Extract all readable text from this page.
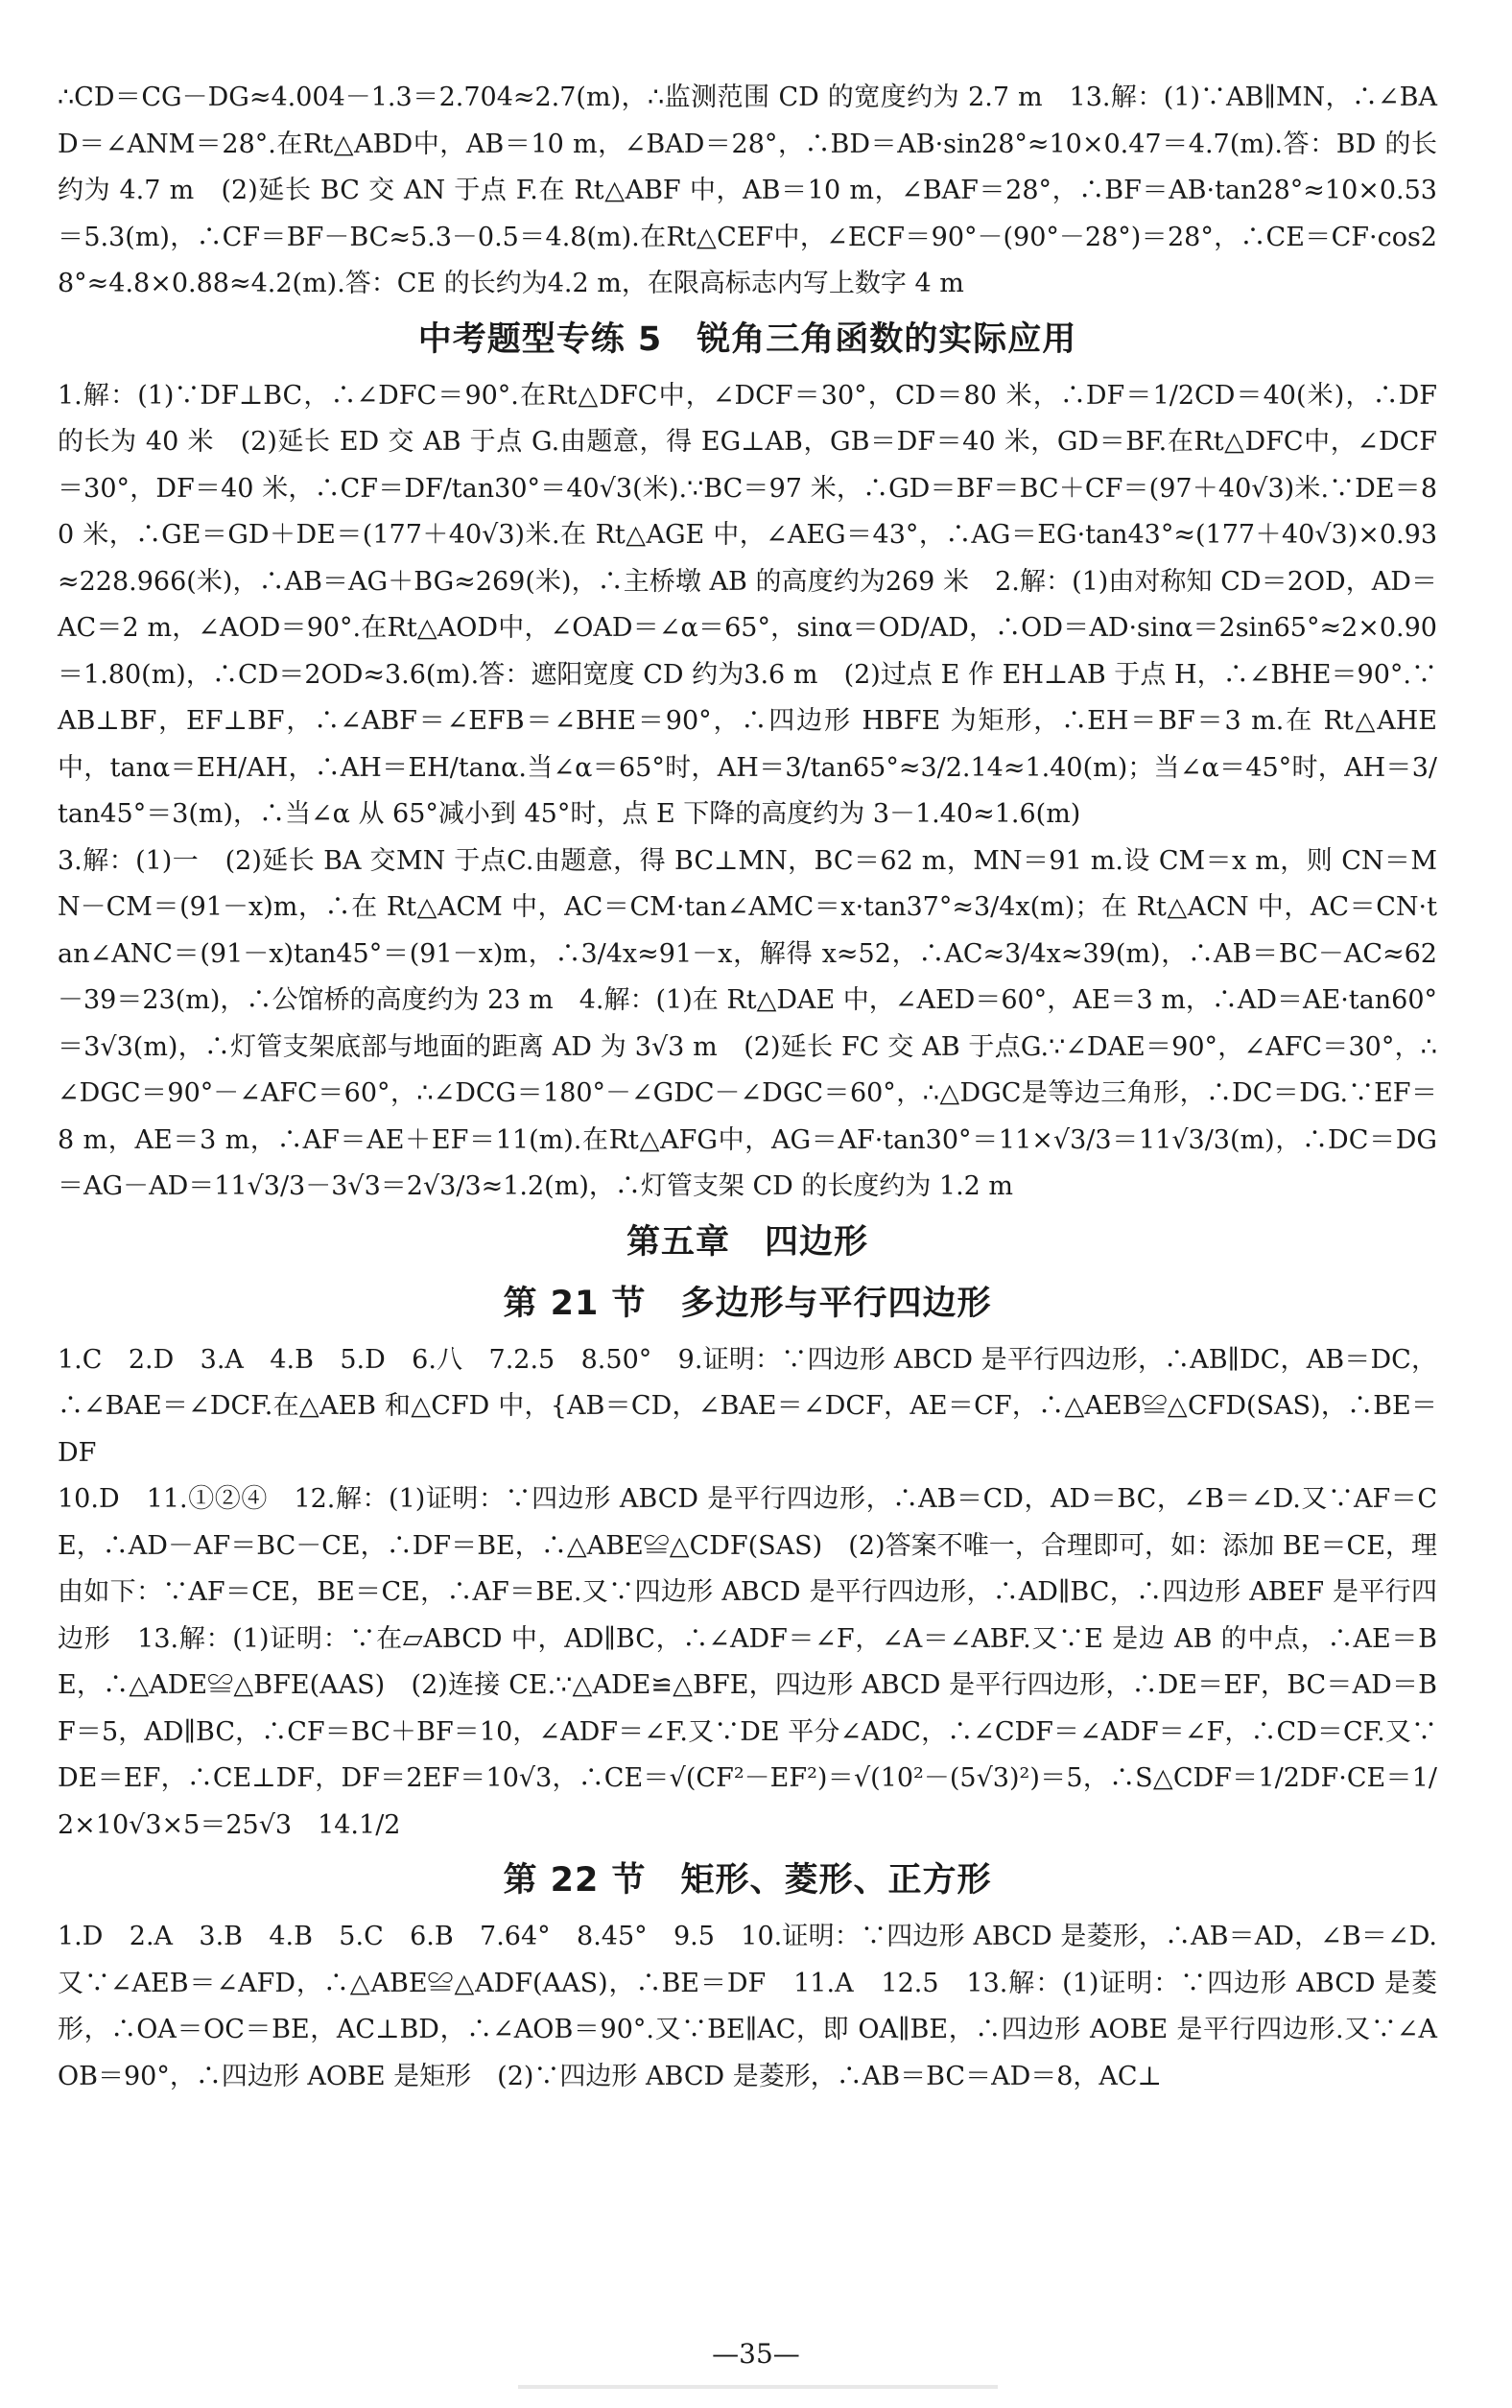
∴CD＝CG－DG≈4.004－1.3＝2.704≈2.7(m)，∴监测范围 CD 的宽度约为 2.7 m　13.解：(1)∵AB∥MN，∴∠BAD＝∠ANM＝28°.在Rt△ABD中，AB＝10 m，∠BAD＝28°，∴BD＝AB·sin28°≈10×0.47＝4.7(m).答：BD 的长约为 4.7 m　(2)延长 BC 交 AN 于点 F.在 Rt△ABF 中，AB＝10 m，∠BAF＝28°，∴BF＝AB·tan28°≈10×0.53＝5.3(m)，∴CF＝BF－BC≈5.3－0.5＝4.8(m).在Rt△CEF中，∠ECF＝90°－(90°－28°)＝28°，∴CE＝CF·cos28°≈4.8×0.88≈4.2(m).答：CE 的长约为4.2 m，在限高标志内写上数字 4 m

中考题型专练 5　锐角三角函数的实际应用

1.解：(1)∵DF⊥BC，∴∠DFC＝90°.在Rt△DFC中，∠DCF＝30°，CD＝80 米，∴DF＝1/2CD＝40(米)，∴DF 的长为 40 米　(2)延长 ED 交 AB 于点 G.由题意，得 EG⊥AB，GB＝DF＝40 米，GD＝BF.在Rt△DFC中，∠DCF＝30°，DF＝40 米，∴CF＝DF/tan30°＝40√3(米).∵BC＝97 米，∴GD＝BF＝BC＋CF＝(97＋40√3)米.∵DE＝80 米，∴GE＝GD＋DE＝(177＋40√3)米.在 Rt△AGE 中，∠AEG＝43°，∴AG＝EG·tan43°≈(177＋40√3)×0.93≈228.966(米)，∴AB＝AG＋BG≈269(米)，∴主桥墩 AB 的高度约为269 米　2.解：(1)由对称知 CD＝2OD，AD＝AC＝2 m，∠AOD＝90°.在Rt△AOD中，∠OAD＝∠α＝65°，sinα＝OD/AD，∴OD＝AD·sinα＝2sin65°≈2×0.90＝1.80(m)，∴CD＝2OD≈3.6(m).答：遮阳宽度 CD 约为3.6 m　(2)过点 E 作 EH⊥AB 于点 H，∴∠BHE＝90°.∵AB⊥BF，EF⊥BF，∴∠ABF＝∠EFB＝∠BHE＝90°，∴四边形 HBFE 为矩形，∴EH＝BF＝3 m.在 Rt△AHE 中，tanα＝EH/AH，∴AH＝EH/tanα.当∠α＝65°时，AH＝3/tan65°≈3/2.14≈1.40(m)；当∠α＝45°时，AH＝3/tan45°＝3(m)，∴当∠α 从 65°减小到 45°时，点 E 下降的高度约为 3－1.40≈1.6(m)

3.解：(1)一　(2)延长 BA 交MN 于点C.由题意，得 BC⊥MN，BC＝62 m，MN＝91 m.设 CM＝x m，则 CN＝MN－CM＝(91－x)m，∴在 Rt△ACM 中，AC＝CM·tan∠AMC＝x·tan37°≈3/4x(m)；在 Rt△ACN 中，AC＝CN·tan∠ANC＝(91－x)tan45°＝(91－x)m，∴3/4x≈91－x，解得 x≈52，∴AC≈3/4x≈39(m)，∴AB＝BC－AC≈62－39＝23(m)，∴公馆桥的高度约为 23 m　4.解：(1)在 Rt△DAE 中，∠AED＝60°，AE＝3 m，∴AD＝AE·tan60°＝3√3(m)，∴灯管支架底部与地面的距离 AD 为 3√3 m　(2)延长 FC 交 AB 于点G.∵∠DAE＝90°，∠AFC＝30°，∴∠DGC＝90°－∠AFC＝60°，∴∠DCG＝180°－∠GDC－∠DGC＝60°，∴△DGC是等边三角形，∴DC＝DG.∵EF＝8 m，AE＝3 m，∴AF＝AE＋EF＝11(m).在Rt△AFG中，AG＝AF·tan30°＝11×√3/3＝11√3/3(m)，∴DC＝DG＝AG－AD＝11√3/3－3√3＝2√3/3≈1.2(m)，∴灯管支架 CD 的长度约为 1.2 m

第五章　四边形
第 21 节　多边形与平行四边形

1.C　2.D　3.A　4.B　5.D　6.八　7.2.5　8.50°　9.证明：∵四边形 ABCD 是平行四边形，∴AB∥DC，AB＝DC，∴∠BAE＝∠DCF.在△AEB 和△CFD 中，{AB＝CD，∠BAE＝∠DCF，AE＝CF，∴△AEB≌△CFD(SAS)，∴BE＝DF

10.D　11.①②④　12.解：(1)证明：∵四边形 ABCD 是平行四边形，∴AB＝CD，AD＝BC，∠B＝∠D.又∵AF＝CE，∴AD－AF＝BC－CE，∴DF＝BE，∴△ABE≌△CDF(SAS)　(2)答案不唯一，合理即可，如：添加 BE＝CE，理由如下：∵AF＝CE，BE＝CE，∴AF＝BE.又∵四边形 ABCD 是平行四边形，∴AD∥BC，∴四边形 ABEF 是平行四边形　13.解：(1)证明：∵在▱ABCD 中，AD∥BC，∴∠ADF＝∠F，∠A＝∠ABF.又∵E 是边 AB 的中点，∴AE＝BE，∴△ADE≌△BFE(AAS)　(2)连接 CE.∵△ADE≌△BFE，四边形 ABCD 是平行四边形，∴DE＝EF，BC＝AD＝BF＝5，AD∥BC，∴CF＝BC＋BF＝10，∠ADF＝∠F.又∵DE 平分∠ADC，∴∠CDF＝∠ADF＝∠F，∴CD＝CF.又∵DE＝EF，∴CE⊥DF，DF＝2EF＝10√3，∴CE＝√(CF²－EF²)＝√(10²－(5√3)²)＝5，∴S△CDF＝1/2DF·CE＝1/2×10√3×5＝25√3　14.1/2

第 22 节　矩形、菱形、正方形

1.D　2.A　3.B　4.B　5.C　6.B　7.64°　8.45°　9.5　10.证明：∵四边形 ABCD 是菱形，∴AB＝AD，∠B＝∠D.又∵∠AEB＝∠AFD，∴△ABE≌△ADF(AAS)，∴BE＝DF　11.A　12.5　13.解：(1)证明：∵四边形 ABCD 是菱形，∴OA＝OC＝BE，AC⊥BD，∴∠AOB＝90°.又∵BE∥AC，即 OA∥BE，∴四边形 AOBE 是平行四边形.又∵∠AOB＝90°，∴四边形 AOBE 是矩形　(2)∵四边形 ABCD 是菱形，∴AB＝BC＝AD＝8，AC⊥

—35—
